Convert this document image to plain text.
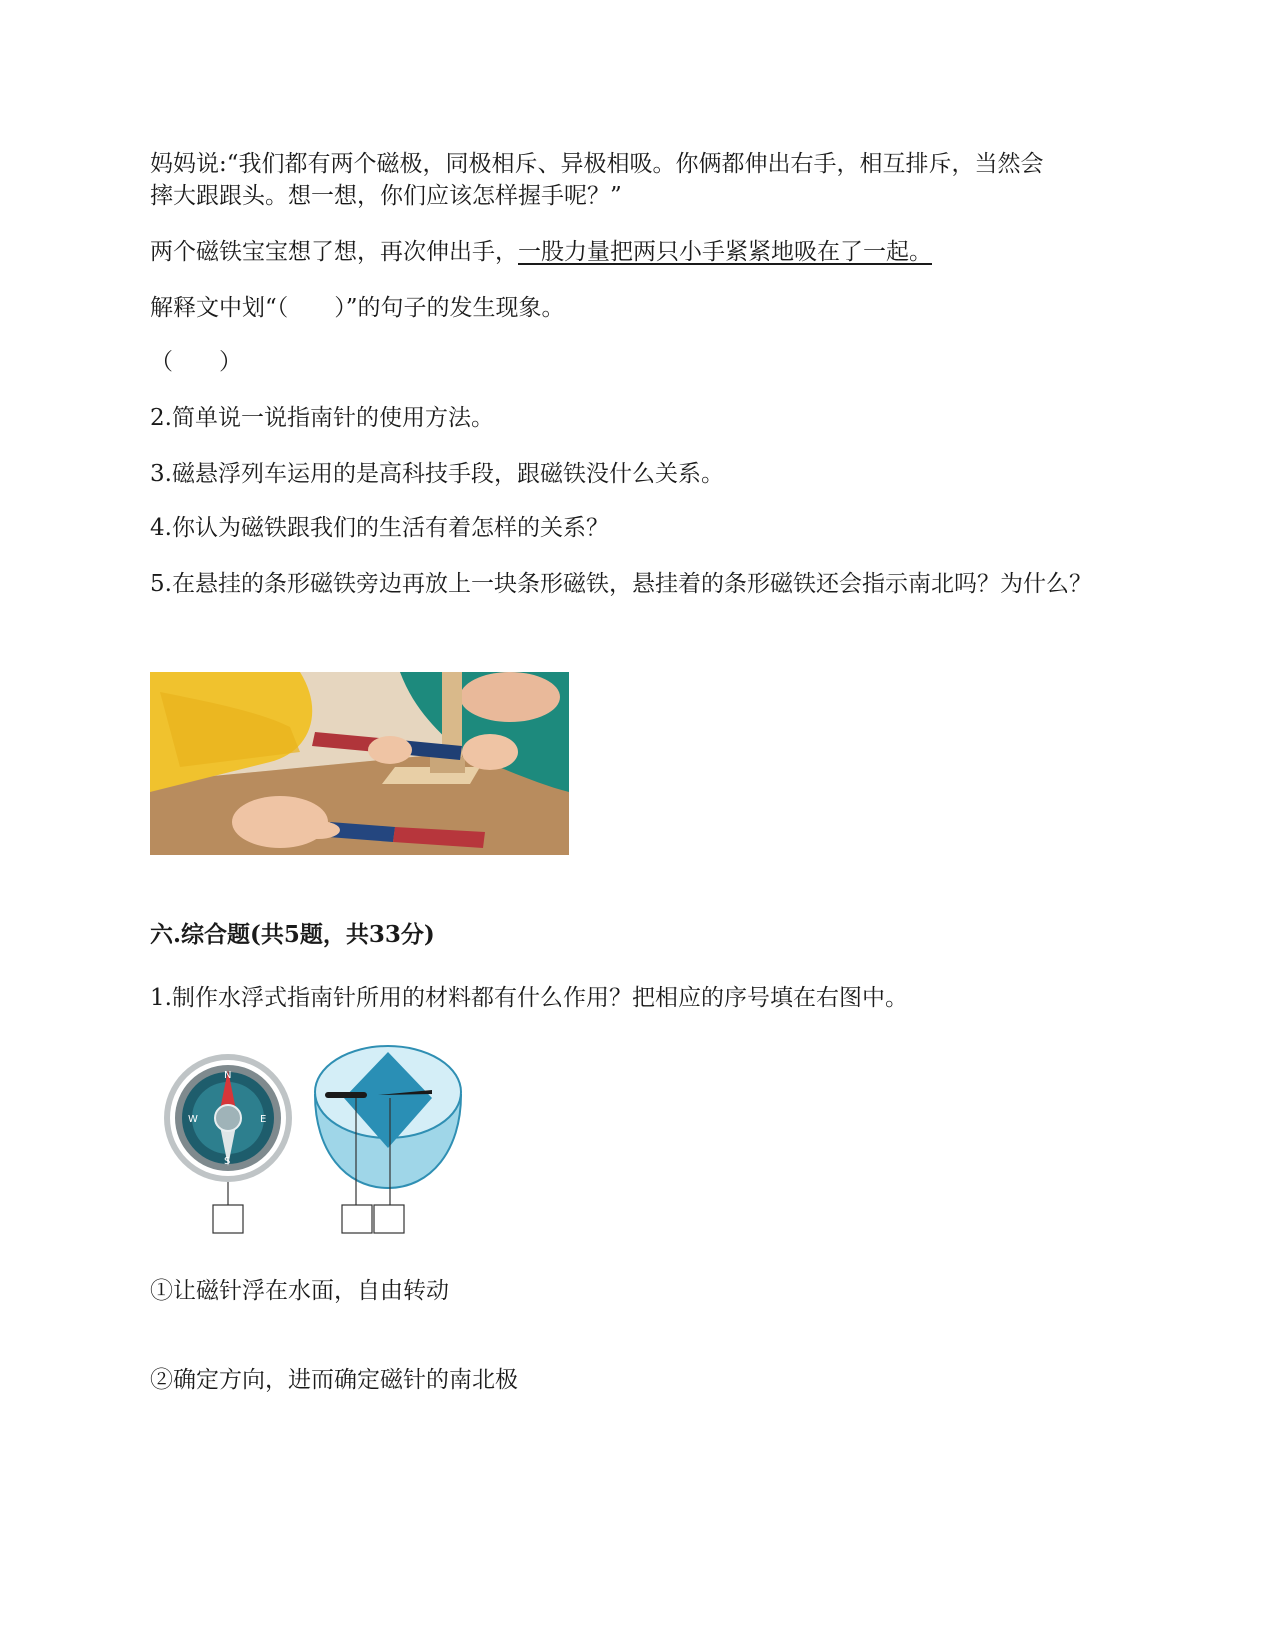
妈妈说:“我们都有两个磁极，同极相斥、异极相吸。你俩都伸出右手，相互排斥，当然会

摔大跟跟头。想一想，你们应该怎样握手呢？”

两个磁铁宝宝想了想，再次伸出手，一股力量把两只小手紧紧地吸在了一起。

解释文中划“（　　）”的句子的发生现象。

（　　）

2.简单说一说指南针的使用方法。

3.磁悬浮列车运用的是高科技手段，跟磁铁没什么关系。

4.你认为磁铁跟我们的生活有着怎样的关系？

5.在悬挂的条形磁铁旁边再放上一块条形磁铁，悬挂着的条形磁铁还会指示南北吗？为什么？

六.综合题(共5题，共33分)

1.制作水浮式指南针所用的材料都有什么作用？把相应的序号填在右图中。

N
E
S
W

①让磁针浮在水面，自由转动

②确定方向，进而确定磁针的南北极
